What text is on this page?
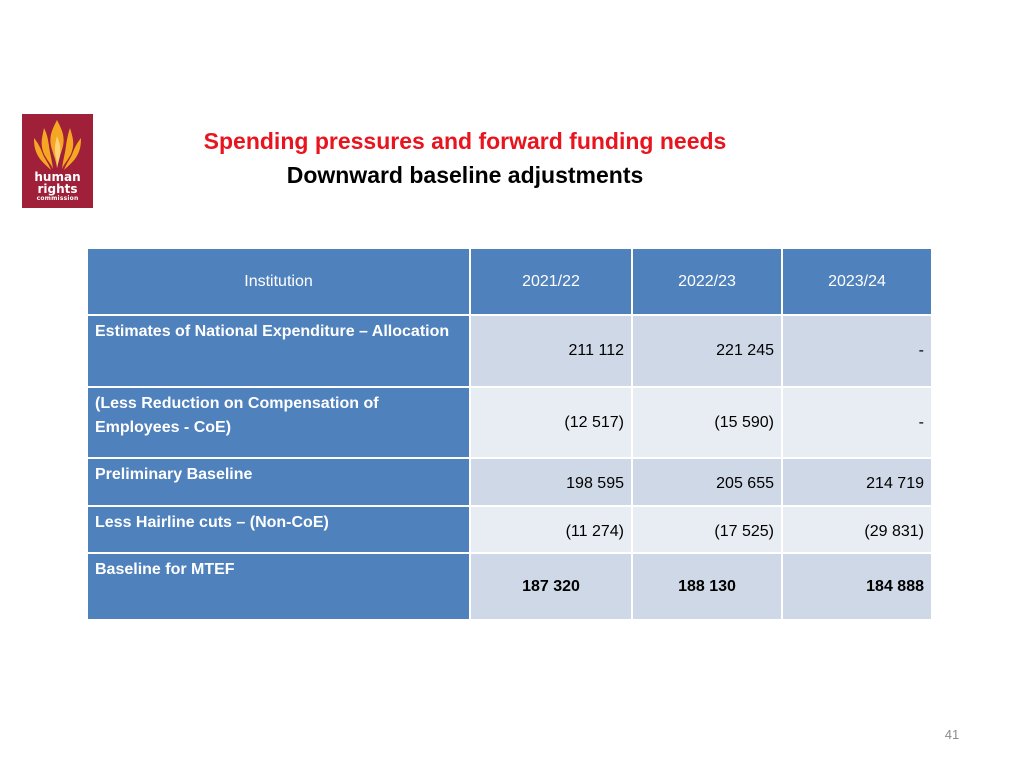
human
rights
commission
Spending pressures and forward funding needs
Downward baseline adjustments
Institution	2021/22	2022/23	2023/24
Estimates of National Expenditure – Allocation	211 112	221 245	-
(Less Reduction on Compensation of Employees - CoE)	(12 517)	(15 590)	-
Preliminary Baseline	198 595	205 655	214 719
Less Hairline cuts – (Non-CoE)	(11 274)	(17 525)	(29 831)
Baseline for MTEF	187 320	188 130	184 888
41
